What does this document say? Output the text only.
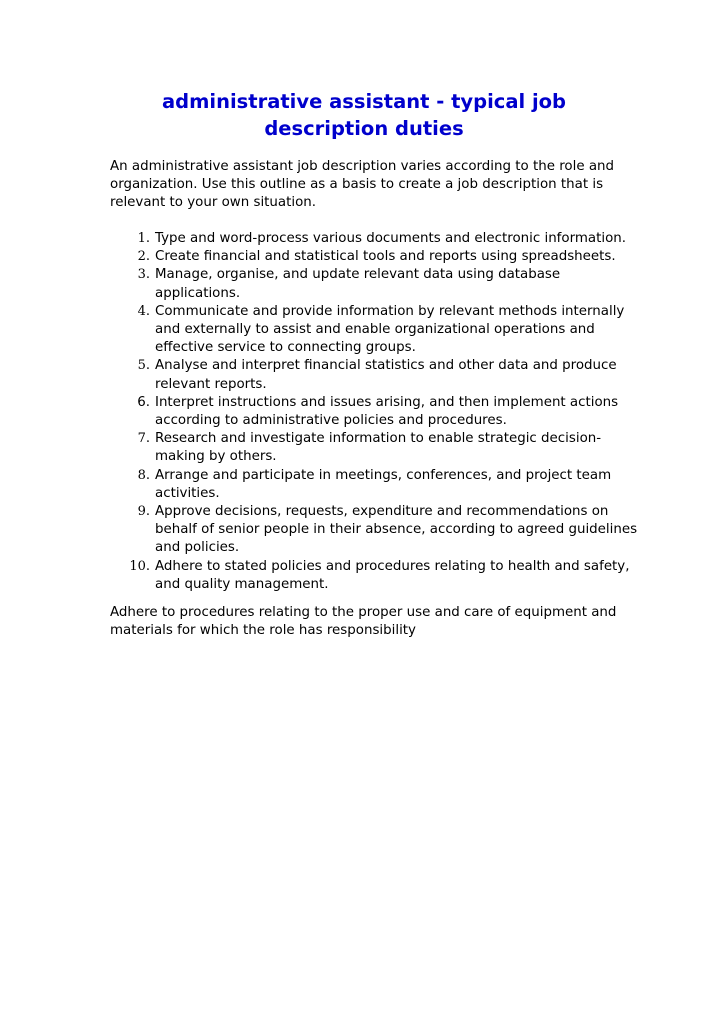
administrative assistant - typical job description duties
An administrative assistant job description varies according to the role and organization. Use this outline as a basis to create a job description that is relevant to your own situation.
1. Type and word-process various documents and electronic information.
2. Create financial and statistical tools and reports using spreadsheets.
3. Manage, organise, and update relevant data using database applications.
4. Communicate and provide information by relevant methods internally and externally to assist and enable organizational operations and effective service to connecting groups.
5. Analyse and interpret financial statistics and other data and produce relevant reports.
6. Interpret instructions and issues arising, and then implement actions according to administrative policies and procedures.
7. Research and investigate information to enable strategic decision-making by others.
8. Arrange and participate in meetings, conferences, and project team activities.
9. Approve decisions, requests, expenditure and recommendations on behalf of senior people in their absence, according to agreed guidelines and policies.
10. Adhere to stated policies and procedures relating to health and safety, and quality management.
Adhere to procedures relating to the proper use and care of equipment and materials for which the role has responsibility
